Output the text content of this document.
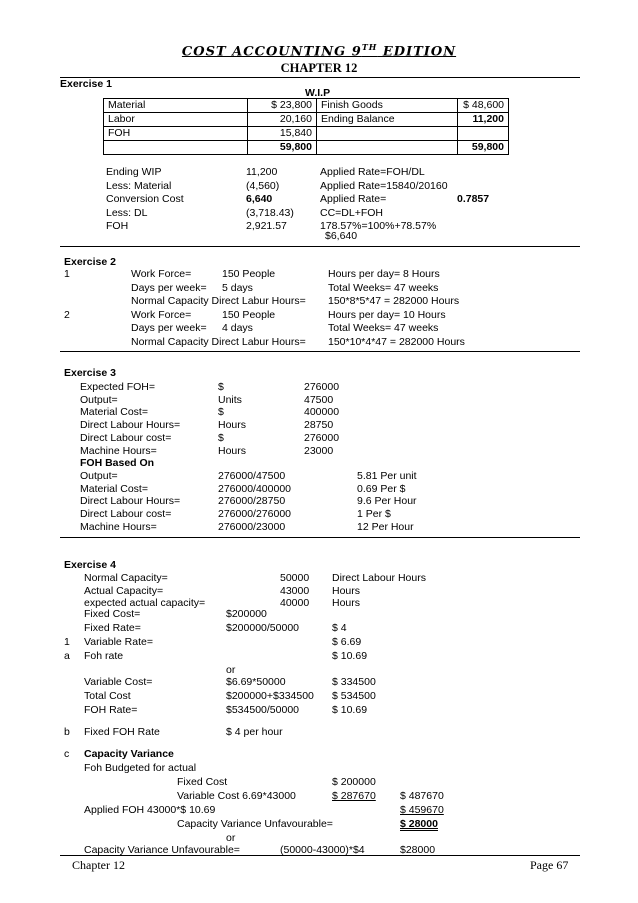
COST ACCOUNTING 9TH EDITION
CHAPTER 12
Exercise 1
W.I.P
Material	$ 23,800	Finish Goods	$ 48,600
Labor	20,160	Ending Balance	11,200
FOH	15,840		
	59,800		59,800
Ending WIP	11,200	Applied Rate=FOH/DL
Less: Material	(4,560)	Applied Rate=15840/20160
Conversion Cost	6,640	Applied Rate=	0.7857
Less: DL	(3,718.43) CC=DL+FOH
FOH	2,921.57	178.57%=100%+78.57%
$6,640
Exercise 2
1	Work Force=	150 People	Hours per day= 8 Hours
Days per week= 5 days	Total Weeks= 47 weeks
Normal Capacity Direct Labur Hours= 150*8*5*47 = 282000 Hours
2	Work Force=	150 People	Hours per day= 10 Hours
Days per week= 4 days	Total Weeks= 47 weeks
Normal Capacity Direct Labur Hours= 150*10*4*47 = 282000 Hours
Exercise 3
Expected FOH=	$	276000
Output=	Units	47500
Material Cost=	$	400000
Direct Labour Hours=	Hours	28750
Direct Labour cost=	$	276000
Machine Hours=	Hours	23000
FOH Based On
Output=	276000/47500	5.81 Per unit
Material Cost=	276000/400000	0.69 Per $
Direct Labour Hours=	276000/28750	9.6 Per Hour
Direct Labour cost=	276000/276000	1 Per $
Machine Hours=	276000/23000	12 Per Hour
Exercise 4
Normal Capacity=	50000 Direct Labour Hours
Actual Capacity=	43000 Hours
expected actual capacity=	40000 Hours
Fixed Cost=	$200000
Fixed Rate=	$200000/50000	$ 4
1 Variable Rate=	$ 6.69
a Foh rate	$ 10.69
or
Variable Cost=	$6.69*50000	$ 334500
Total Cost	$200000+$334500 $ 534500
FOH Rate=	$534500/50000	$ 10.69
b Fixed FOH Rate	$ 4 per hour
c Capacity Variance
Foh Budgeted for actual
Fixed Cost	$ 200000
Variable Cost 6.69*43000	$ 287670 $ 487670
Applied FOH 43000*$ 10.69	$ 459670
Capacity Variance Unfavourable=	$ 28000
or
Capacity Variance Unfavourable=	(50000-43000)*$4	$28000
Chapter 12	Page 67
